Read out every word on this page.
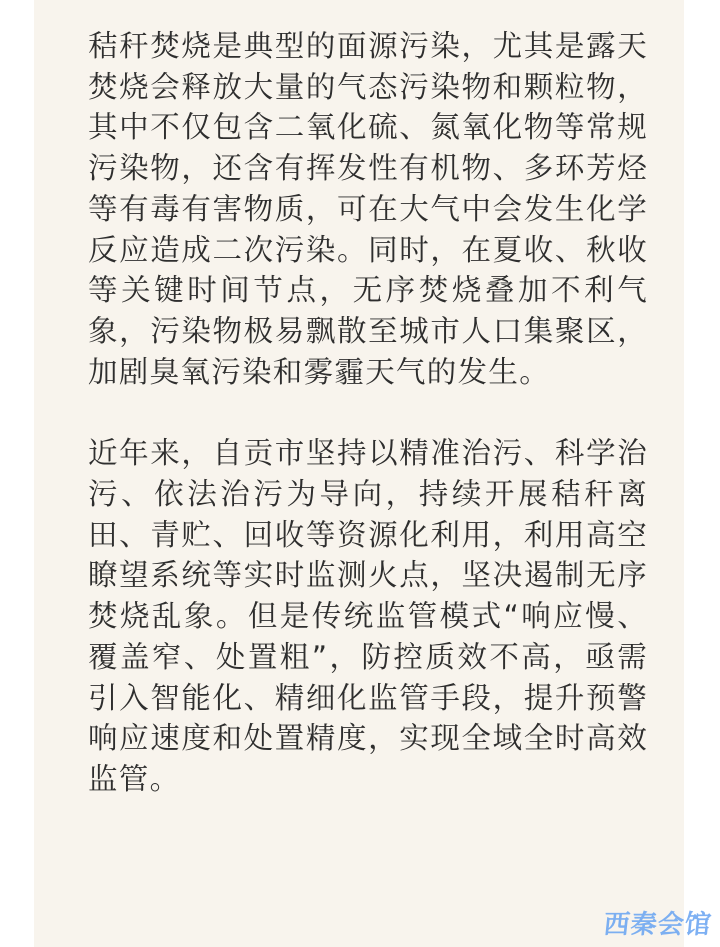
秸秆焚烧是典型的面源污染，尤其是露天焚烧会释放大量的气态污染物和颗粒物，其中不仅包含二氧化硫、氮氧化物等常规污染物，还含有挥发性有机物、多环芳烃等有毒有害物质，可在大气中会发生化学反应造成二次污染。同时，在夏收、秋收等关键时间节点，无序焚烧叠加不利气象，污染物极易飘散至城市人口集聚区，加剧臭氧污染和雾霾天气的发生。

近年来，自贡市坚持以精准治污、科学治污、依法治污为导向，持续开展秸秆离田、青贮、回收等资源化利用，利用高空瞭望系统等实时监测火点，坚决遏制无序焚烧乱象。但是传统监管模式“响应慢、覆盖窄、处置粗”，防控质效不高，亟需引入智能化、精细化监管手段，提升预警响应速度和处置精度，实现全域全时高效监管。

西秦会馆
